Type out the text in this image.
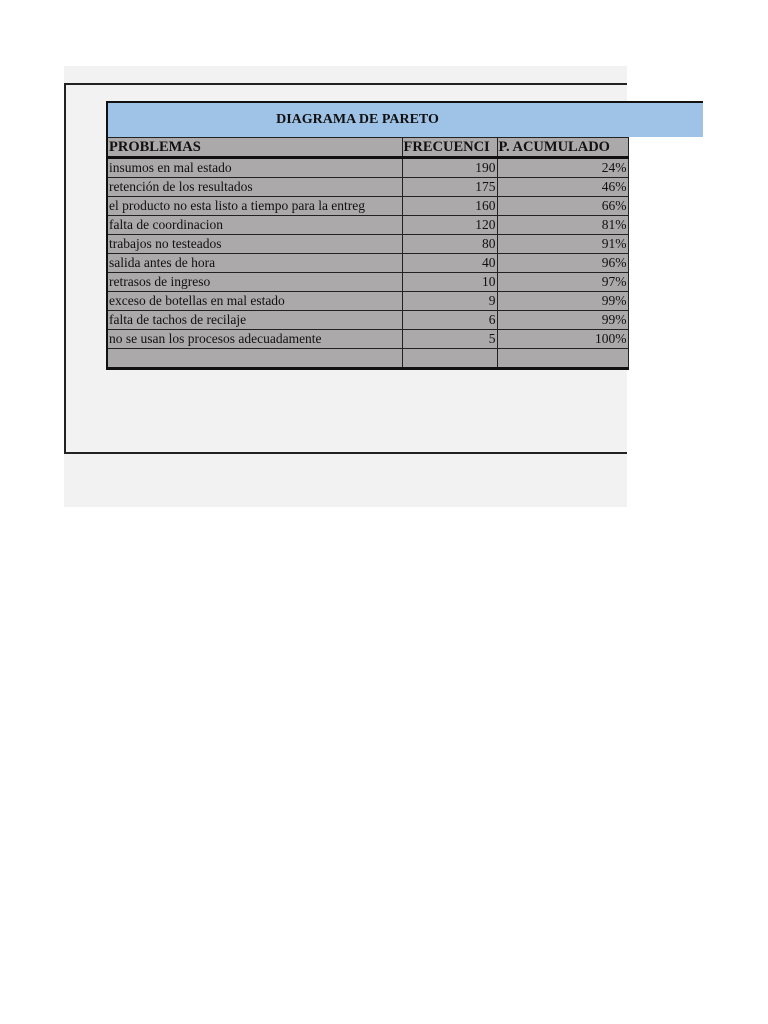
DIAGRAMA DE PARETO
PROBLEMAS	FRECUENCI	P. ACUMULADO
insumos en mal estado	190	24%
retención de los resultados	175	46%
el producto no esta listo a tiempo para la entreg	160	66%
falta de coordinacion	120	81%
trabajos no testeados	80	91%
salida antes de hora	40	96%
retrasos de ingreso	10	97%
exceso de botellas en mal estado	9	99%
falta de tachos de recilaje	6	99%
no se usan los procesos adecuadamente	5	100%
